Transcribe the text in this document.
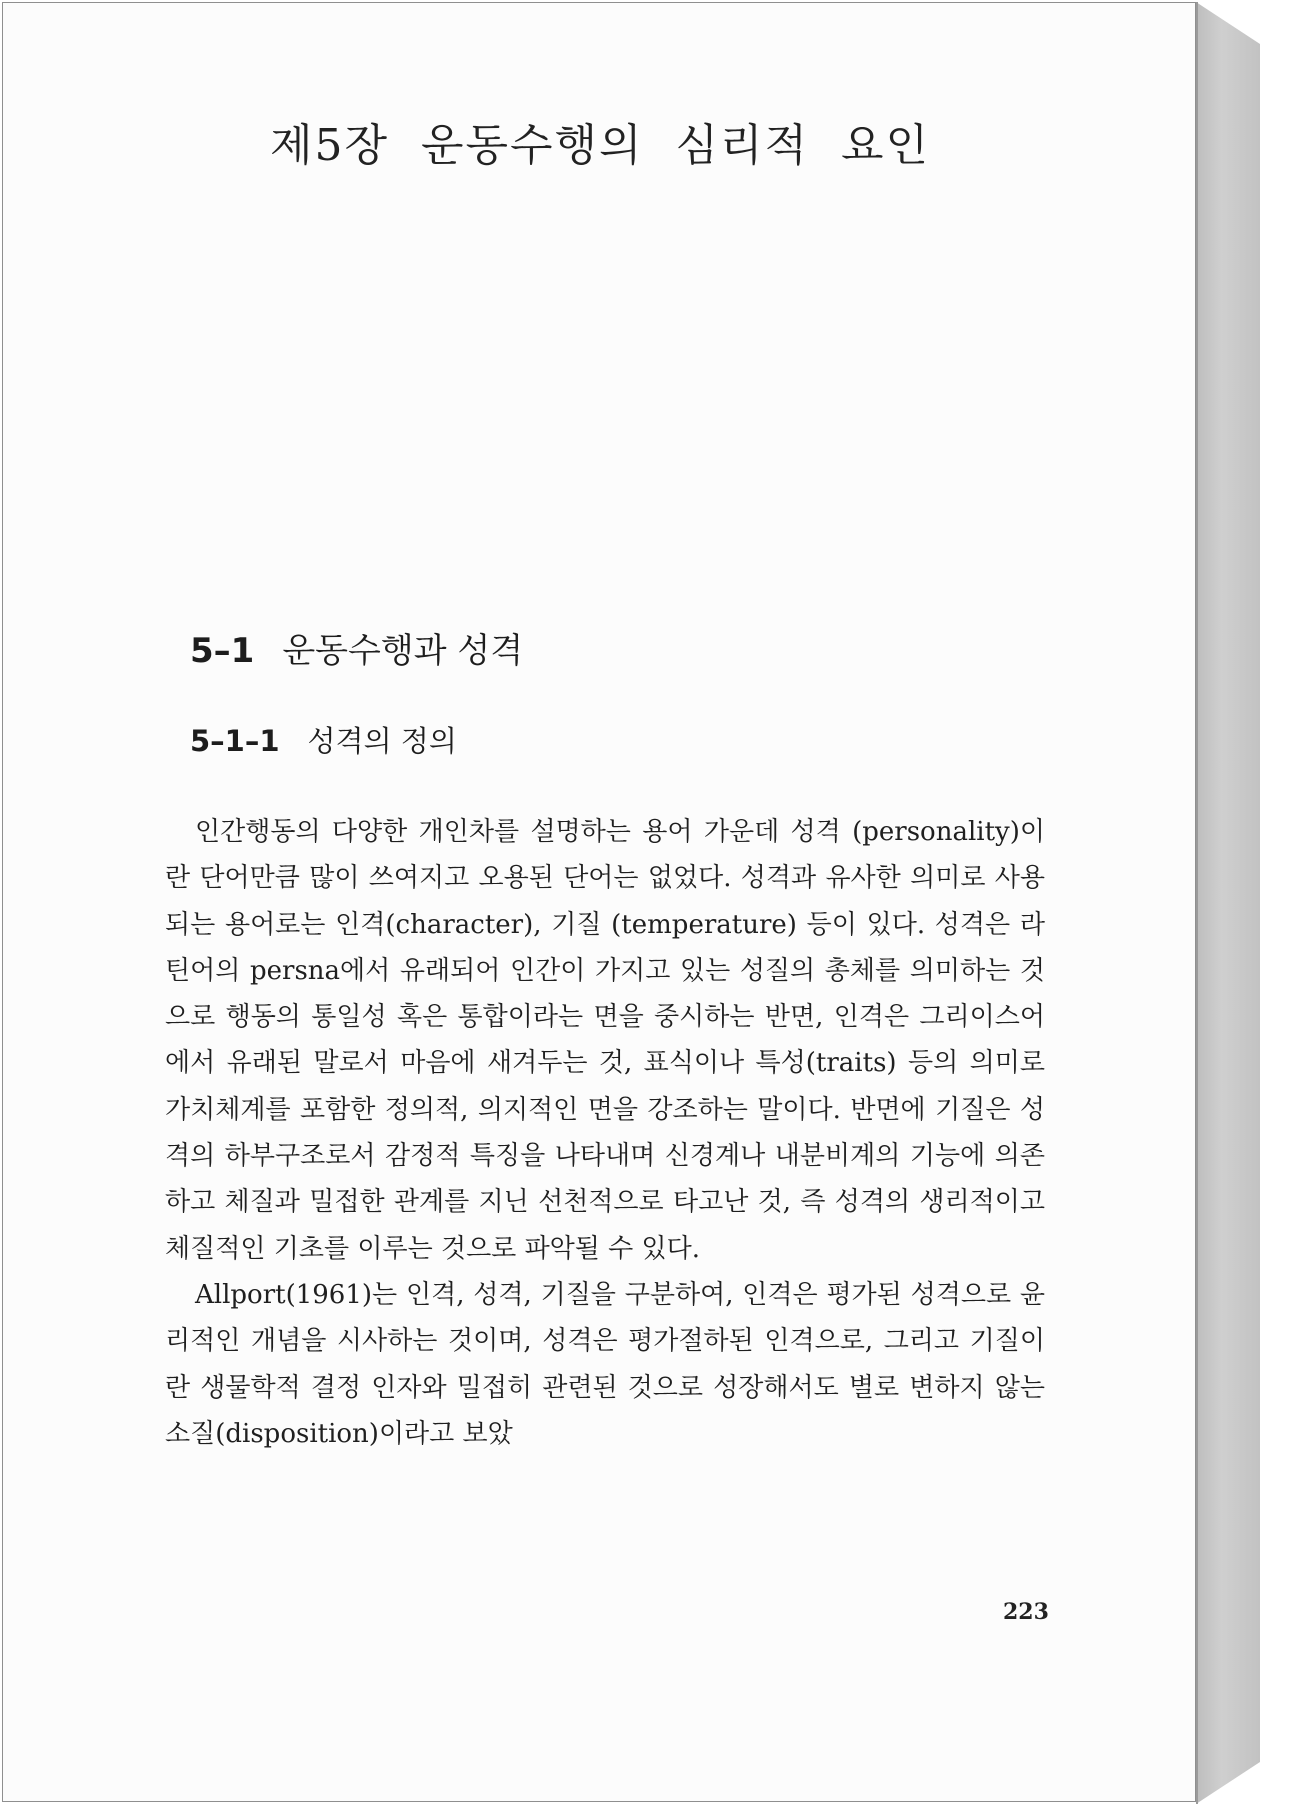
제5장 운동수행의 심리적 요인
5–1 운동수행과 성격
5–1–1 성격의 정의

인간행동의 다양한 개인차를 설명하는 용어 가운데 성격 (personality)이란 단어만큼 많이 쓰여지고 오용된 단어는 없었다. 성격과 유사한 의미로 사용되는 용어로는 인격(character), 기질 (temperature) 등이 있다. 성격은 라틴어의 persna에서 유래되어 인간이 가지고 있는 성질의 총체를 의미하는 것으로 행동의 통일성 혹은 통합이라는 면을 중시하는 반면, 인격은 그리이스어에서 유래된 말로서 마음에 새겨두는 것, 표식이나 특성(traits) 등의 의미로 가치체계를 포함한 정의적, 의지적인 면을 강조하는 말이다. 반면에 기질은 성격의 하부구조로서 감정적 특징을 나타내며 신경계나 내분비계의 기능에 의존하고 체질과 밀접한 관계를 지닌 선천적으로 타고난 것, 즉 성격의 생리적이고 체질적인 기초를 이루는 것으로 파악될 수 있다.

Allport(1961)는 인격, 성격, 기질을 구분하여, 인격은 평가된 성격으로 윤리적인 개념을 시사하는 것이며, 성격은 평가절하된 인격으로, 그리고 기질이란 생물학적 결정 인자와 밀접히 관련된 것으로 성장해서도 별로 변하지 않는 소질(disposition)이라고 보았

223
